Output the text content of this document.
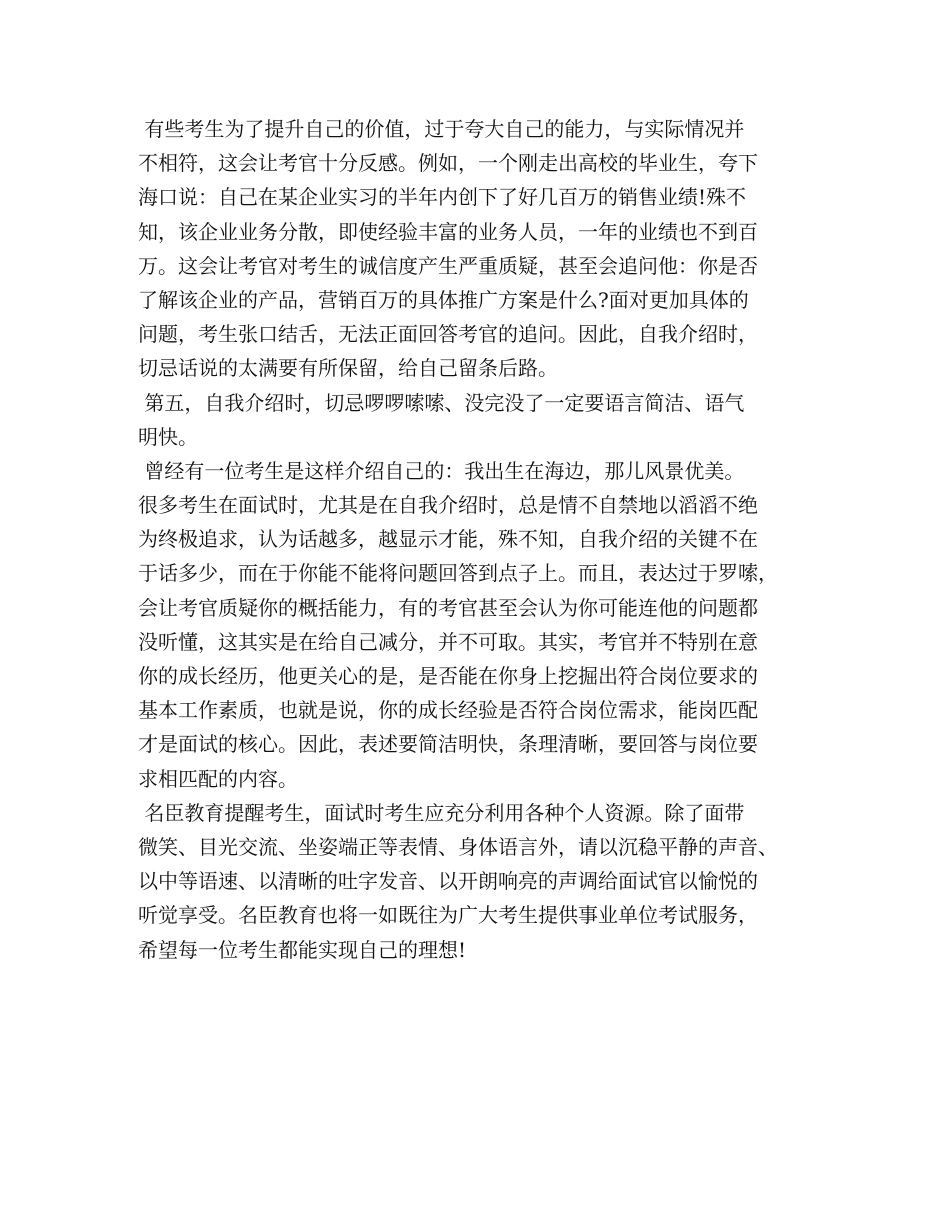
有些考生为了提升自己的价值，过于夸大自己的能力，与实际情况并
不相符，这会让考官十分反感。例如，一个刚走出高校的毕业生，夸下
海口说：自己在某企业实习的半年内创下了好几百万的销售业绩!殊不
知，该企业业务分散，即使经验丰富的业务人员，一年的业绩也不到百
万。这会让考官对考生的诚信度产生严重质疑，甚至会追问他：你是否
了解该企业的产品，营销百万的具体推广方案是什么?面对更加具体的
问题，考生张口结舌，无法正面回答考官的追问。因此，自我介绍时，
切忌话说的太满要有所保留，给自己留条后路。
第五，自我介绍时，切忌啰啰嗦嗦、没完没了一定要语言简洁、语气
明快。
曾经有一位考生是这样介绍自己的：我出生在海边，那儿风景优美。
很多考生在面试时，尤其是在自我介绍时，总是情不自禁地以滔滔不绝
为终极追求，认为话越多，越显示才能，殊不知，自我介绍的关键不在
于话多少，而在于你能不能将问题回答到点子上。而且，表达过于罗嗦，
会让考官质疑你的概括能力，有的考官甚至会认为你可能连他的问题都
没听懂，这其实是在给自己减分，并不可取。其实，考官并不特别在意
你的成长经历，他更关心的是，是否能在你身上挖掘出符合岗位要求的
基本工作素质，也就是说，你的成长经验是否符合岗位需求，能岗匹配
才是面试的核心。因此，表述要简洁明快，条理清晰，要回答与岗位要
求相匹配的内容。
名臣教育提醒考生，面试时考生应充分利用各种个人资源。除了面带
微笑、目光交流、坐姿端正等表情、身体语言外，请以沉稳平静的声音、
以中等语速、以清晰的吐字发音、以开朗响亮的声调给面试官以愉悦的
听觉享受。名臣教育也将一如既往为广大考生提供事业单位考试服务，
希望每一位考生都能实现自己的理想!
